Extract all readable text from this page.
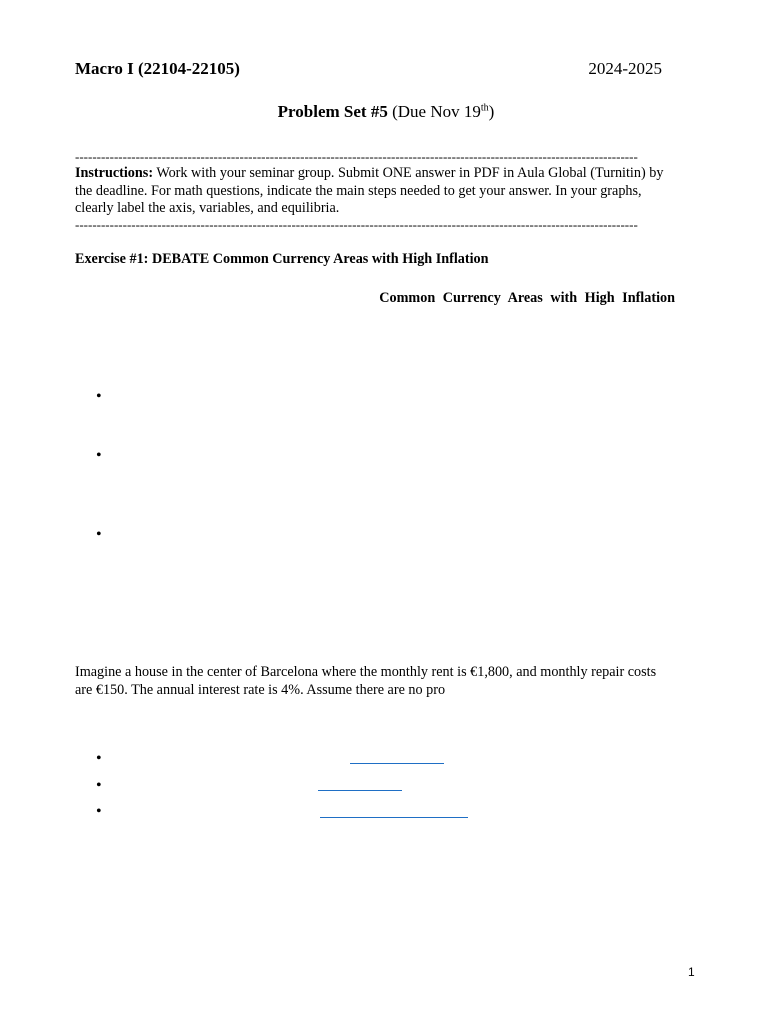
Macro I (22104-22105)	2024-2025
Problem Set #5 (Due Nov 19th)
----------------------------------------------------------------------------------------------------------------------------------
Instructions: Work with your seminar group. Submit ONE answer in PDF in Aula Global (Turnitin) by the deadline. For math questions, indicate the main steps needed to get your answer. In your graphs, clearly label the axis, variables, and equilibria.
----------------------------------------------------------------------------------------------------------------------------------
Exercise #1: DEBATE Common Currency Areas with High Inflation
Common Currency Areas with High Inflation
•
•
•
Imagine a house in the center of Barcelona where the monthly rent is €1,800, and monthly repair costs are €150. The annual interest rate is 4%. Assume there are no pro
•
•
•
1
